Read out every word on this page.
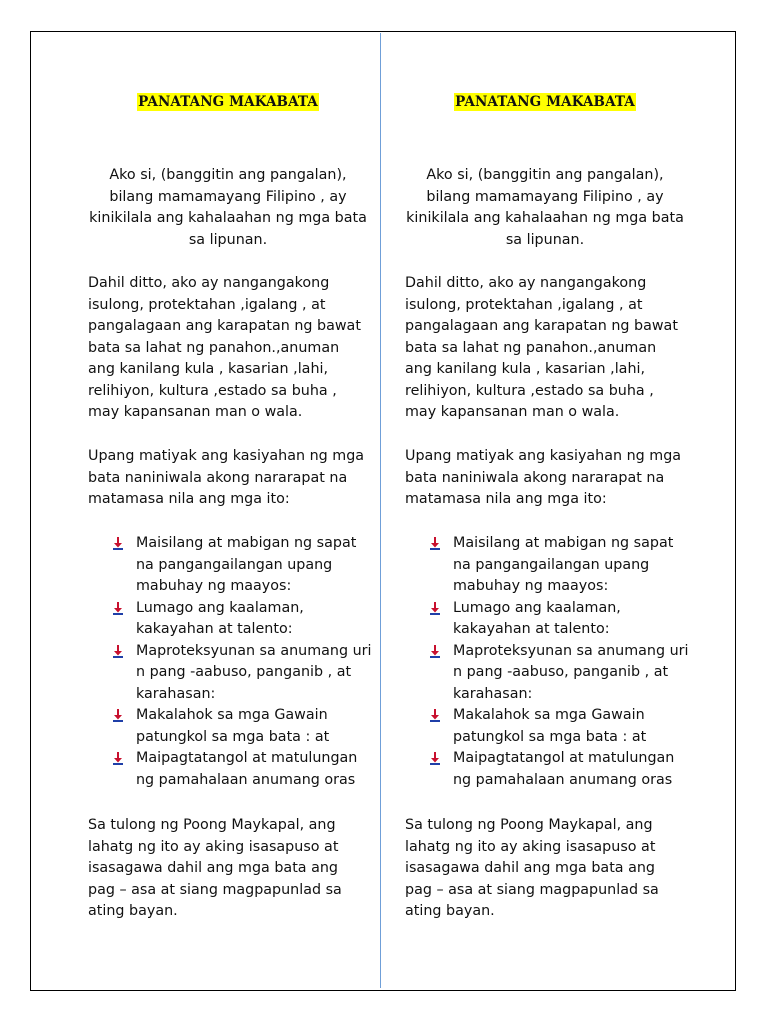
PANATANG MAKABATA
Ako si, (banggitin ang pangalan), bilang mamamayang Filipino , ay kinikilala ang kahalaahan ng mga bata sa lipunan.
Dahil ditto, ako ay nangangakong isulong, protektahan ,igalang , at pangalagaan ang karapatan ng bawat bata sa lahat ng panahon.,anuman ang kanilang kula , kasarian ,lahi, relihiyon, kultura ,estado sa buha , may kapansanan man o wala.
Upang matiyak ang kasiyahan ng mga bata naniniwala akong nararapat na matamasa nila ang mga ito:
Maisilang at mabigan ng sapat na pangangailangan upang mabuhay ng maayos:
Lumago ang kaalaman, kakayahan at talento:
Maproteksyunan sa anumang uri n pang -aabuso, panganib , at karahasan:
Makalahok sa mga Gawain patungkol sa mga bata : at
Maipagtatangol at matulungan ng pamahalaan anumang oras
Sa tulong ng Poong Maykapal, ang lahatg ng ito ay aking isasapuso at isasagawa dahil ang mga bata ang pag – asa at siang magpapunlad sa ating bayan.
PANATANG MAKABATA
Ako si, (banggitin ang pangalan), bilang mamamayang Filipino , ay kinikilala ang kahalaahan ng mga bata sa lipunan.
Dahil ditto, ako ay nangangakong isulong, protektahan ,igalang , at pangalagaan ang karapatan ng bawat bata sa lahat ng panahon.,anuman ang kanilang kula , kasarian ,lahi, relihiyon, kultura ,estado sa buha , may kapansanan man o wala.
Upang matiyak ang kasiyahan ng mga bata naniniwala akong nararapat na matamasa nila ang mga ito:
Maisilang at mabigan ng sapat na pangangailangan upang mabuhay ng maayos:
Lumago ang kaalaman, kakayahan at talento:
Maproteksyunan sa anumang uri n pang -aabuso, panganib , at karahasan:
Makalahok sa mga Gawain patungkol sa mga bata : at
Maipagtatangol at matulungan ng pamahalaan anumang oras
Sa tulong ng Poong Maykapal, ang lahatg ng ito ay aking isasapuso at isasagawa dahil ang mga bata ang pag – asa at siang magpapunlad sa ating bayan.
